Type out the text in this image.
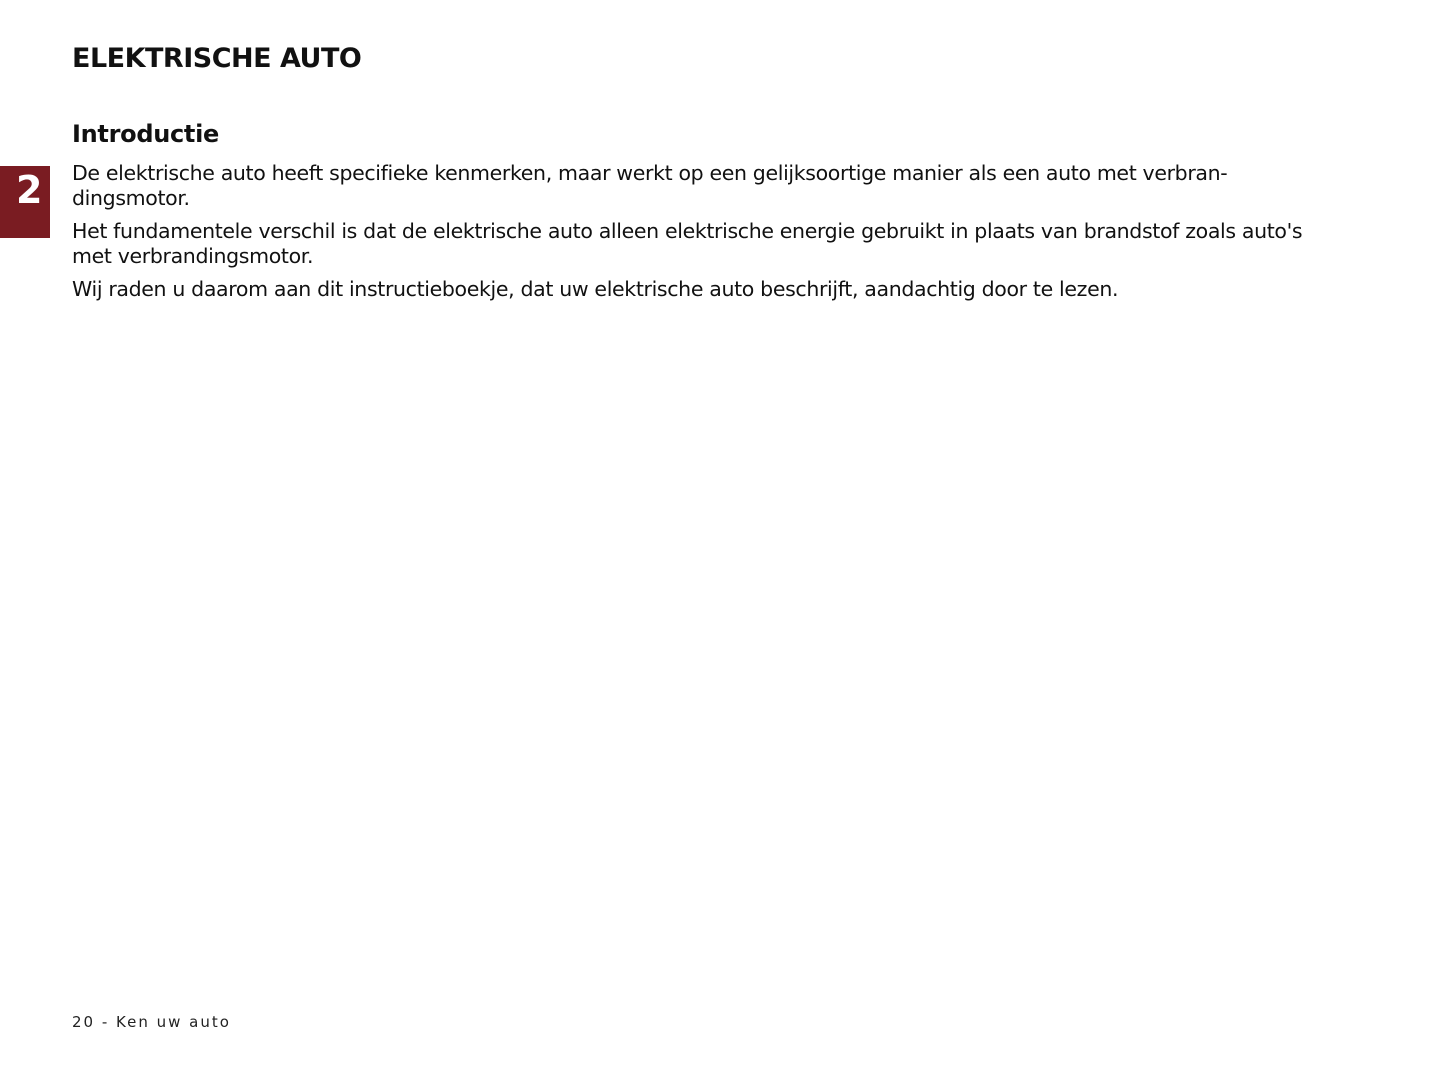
ELEKTRISCHE AUTO
2
Introductie

De elektrische auto heeft specifieke kenmerken, maar werkt op een gelijksoortige manier als een auto met verbran-dingsmotor.

Het fundamentele verschil is dat de elektrische auto alleen elektrische energie gebruikt in plaats van brandstof zoals auto's met verbrandingsmotor.

Wij raden u daarom aan dit instructieboekje, dat uw elektrische auto beschrijft, aandachtig door te lezen.

20 - Ken uw auto
